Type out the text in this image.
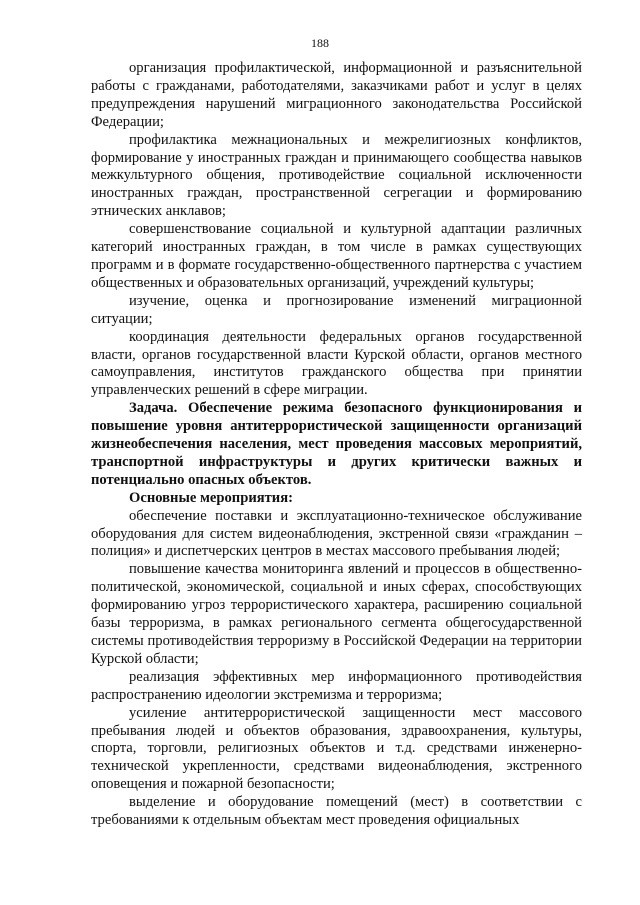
188

организация профилактической, информационной и разъяснительной работы с гражданами, работодателями, заказчиками работ и услуг в целях предупреждения нарушений миграционного законодательства Российской Федерации;

профилактика межнациональных и межрелигиозных конфликтов, формирование у иностранных граждан и принимающего сообщества навыков межкультурного общения, противодействие социальной исключенности иностранных граждан, пространственной сегрегации и формированию этнических анклавов;

совершенствование социальной и культурной адаптации различных категорий иностранных граждан, в том числе в рамках существующих программ и в формате государственно-общественного партнерства с участием общественных и образовательных организаций, учреждений культуры;

изучение, оценка и прогнозирование изменений миграционной ситуации;

координация деятельности федеральных органов государственной власти, органов государственной власти Курской области, органов местного самоуправления, институтов гражданского общества при принятии управленческих решений в сфере миграции.

Задача. Обеспечение режима безопасного функционирования и повышение уровня антитеррористической защищенности организаций жизнеобеспечения населения, мест проведения массовых мероприятий, транспортной инфраструктуры и других критически важных и потенциально опасных объектов.

Основные мероприятия:

обеспечение поставки и эксплуатационно-техническое обслуживание оборудования для систем видеонаблюдения, экстренной связи «гражданин – полиция» и диспетчерских центров в местах массового пребывания людей;

повышение качества мониторинга явлений и процессов в общественно-политической, экономической, социальной и иных сферах, способствующих формированию угроз террористического характера, расширению социальной базы терроризма, в рамках регионального сегмента общегосударственной системы противодействия терроризму в Российской Федерации на территории Курской области;

реализация эффективных мер информационного противодействия распространению идеологии экстремизма и терроризма;

усиление антитеррористической защищенности мест массового пребывания людей и объектов образования, здравоохранения, культуры, спорта, торговли, религиозных объектов и т.д. средствами инженерно-технической укрепленности, средствами видеонаблюдения, экстренного оповещения и пожарной безопасности;

выделение и оборудование помещений (мест) в соответствии с требованиями к отдельным объектам мест проведения официальных
